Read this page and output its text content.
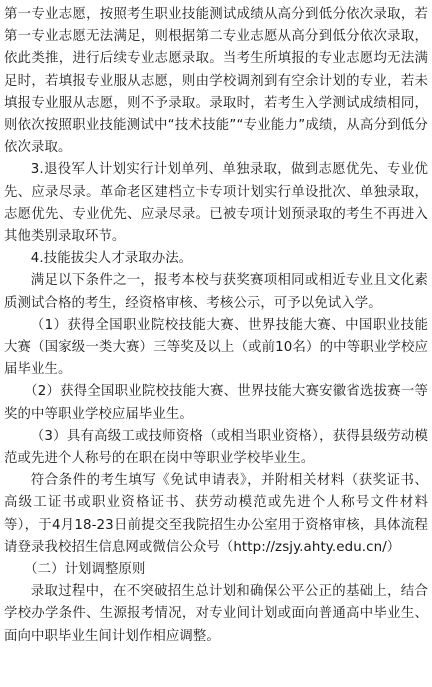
第一专业志愿，按照考生职业技能测试成绩从高分到低分依次录取，若第一专业志愿无法满足，则根据第二专业志愿从高分到低分依次录取，依此类推，进行后续专业志愿录取。当考生所填报的专业志愿均无法满足时，若填报专业服从志愿，则由学校调剂到有空余计划的专业，若未填报专业服从志愿，则不予录取。录取时，若考生入学测试成绩相同，则依次按照职业技能测试中“技术技能”“专业能力”成绩，从高分到低分依次录取。

3.退役军人计划实行计划单列、单独录取，做到志愿优先、专业优先、应录尽录。革命老区建档立卡专项计划实行单设批次、单独录取，志愿优先、专业优先、应录尽录。已被专项计划预录取的考生不再进入其他类别录取环节。

4.技能拔尖人才录取办法。

满足以下条件之一，报考本校与获奖赛项相同或相近专业且文化素质测试合格的考生，经资格审核、考核公示，可予以免试入学。

（1）获得全国职业院校技能大赛、世界技能大赛、中国职业技能大赛（国家级一类大赛）三等奖及以上（或前10名）的中等职业学校应届毕业生。

（2）获得全国职业院校技能大赛、世界技能大赛安徽省选拔赛一等奖的中等职业学校应届毕业生。

（3）具有高级工或技师资格（或相当职业资格），获得县级劳动模范或先进个人称号的在职在岗中等职业学校毕业生。

符合条件的考生填写《免试申请表》，并附相关材料（获奖证书、高级工证书或职业资格证书、获劳动模范或先进个人称号文件材料等），于4月18-23日前提交至我院招生办公室用于资格审核，具体流程请登录我校招生信息网或微信公众号（http://zsjy.ahty.edu.cn/）

（二）计划调整原则

录取过程中，在不突破招生总计划和确保公平公正的基础上，结合学校办学条件、生源报考情况，对专业间计划或面向普通高中毕业生、面向中职毕业生间计划作相应调整。
